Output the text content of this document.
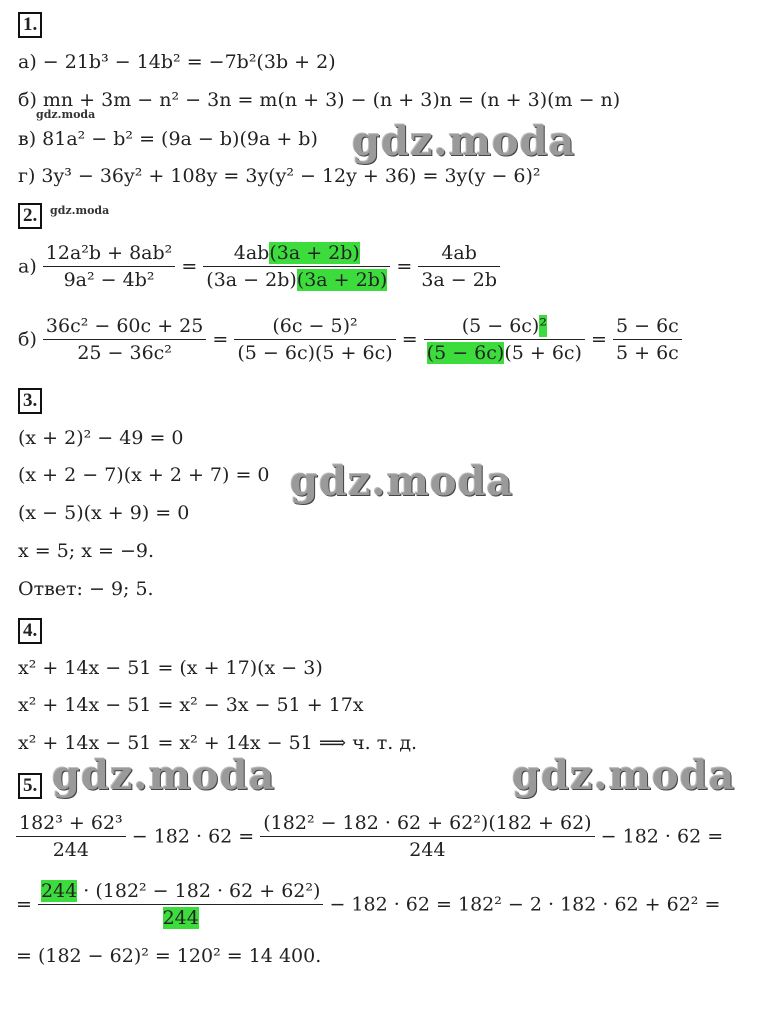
1.
а) − 21b³ − 14b² = −7b²(3b + 2)
б) mn + 3m − n² − 3n = m(n + 3) − (n + 3)n = (n + 3)(m − n)
в) 81a² − b² = (9a − b)(9a + b)
г) 3y³ − 36y² + 108y = 3y(y² − 12y + 36) = 3y(y − 6)²
2.
$а) \frac{\text{12a²b + 8ab²}}{\text{9a² − 4b²}} = \frac{4ab(3a + 2b)}{(3a - 2b)(3a + 2b)} = \frac{4ab}{3a - 2b}$
$б) \frac{\text{36c² − 60c + 25}}{\text{25 − 36c²}} = \frac{\text{(6c − 5)²}}{(5 - 6c)(5 + 6c)} = \frac{\text{(5 − 6c)²}}{(5 - 6c)(5 + 6c)} = \frac{5 - 6c}{5 + 6c}$
3.
(x + 2)² − 49 = 0
(x + 2 − 7)(x + 2 + 7) = 0
(x − 5)(x + 9) = 0
x = 5; x = −9.
Ответ: − 9; 5.
4.
x² + 14x − 51 = (x + 17)(x − 3)
x² + 14x − 51 = x² − 3x − 51 + 17x
x² + 14x − 51 = x² + 14x − 51 ⟹ ч. т. д.
5.
$\frac{\text{182³ + 62³}}{244} - 182 \cdot 62 = \frac{\text{(182² − 182 · 62 + 62²)(182 + 62)}}{244} - 182 \cdot 62$ =
= $\frac{\text{244 · (182² − 182 · 62 + 62²)}}{244} - 182 \cdot 62 = 182^2 - 2 \cdot 182 \cdot 62 + 62^2$ =
= (182 − 62)² = 120² = 14 400.
gdz.moda
gdz.moda
gdz.moda
gdz.moda
gdz.moda	gdz.moda
